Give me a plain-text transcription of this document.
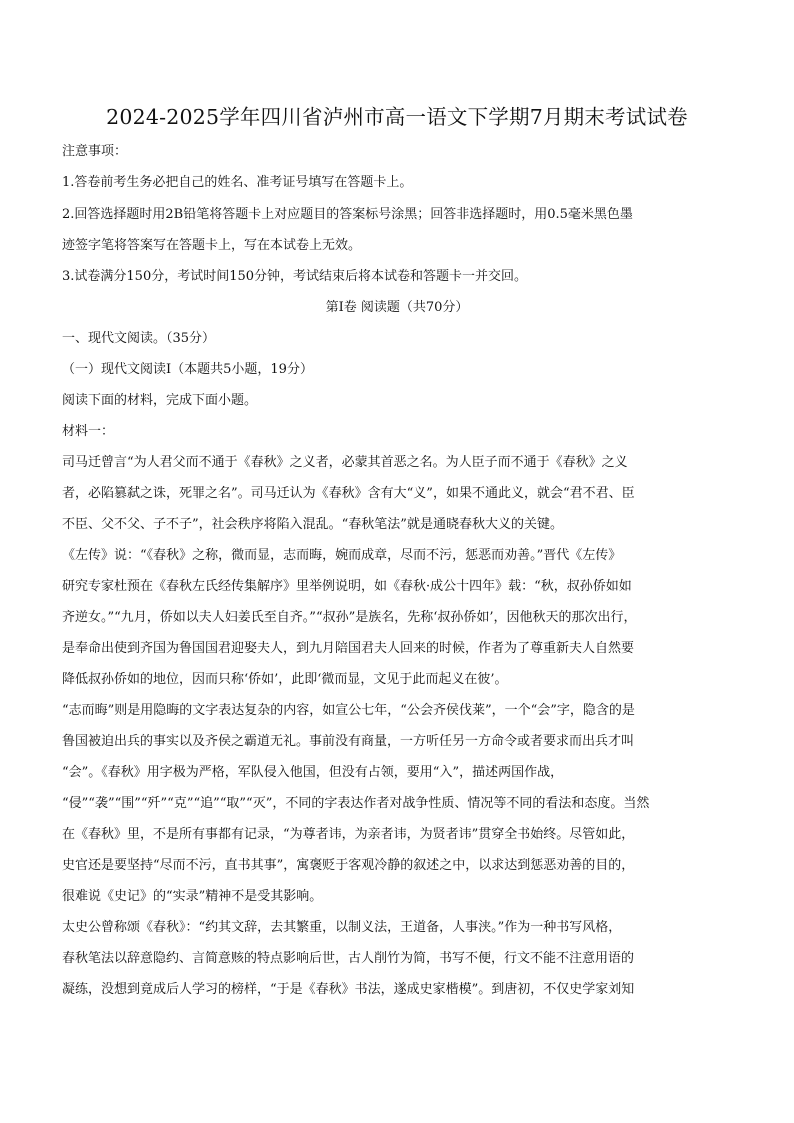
2024-2025学年四川省泸州市高一语文下学期7月期末考试试卷
注意事项：
1.答卷前考生务必把自己的姓名、准考证号填写在答题卡上。
2.回答选择题时用2B铅笔将答题卡上对应题目的答案标号涂黑；回答非选择题时，用0.5毫米黑色墨
迹签字笔将答案写在答题卡上，写在本试卷上无效。
3.试卷满分150分，考试时间150分钟，考试结束后将本试卷和答题卡一并交回。
第Ⅰ卷 阅读题（共70分）
一、现代文阅读。（35分）
（一）现代文阅读Ⅰ（本题共5小题，19分）
阅读下面的材料，完成下面小题。
材料一：
司马迁曾言“为人君父而不通于《春秋》之义者，必蒙其首恶之名。为人臣子而不通于《春秋》之义
者，必陷篡弑之诛，死罪之名”。司马迁认为《春秋》含有大“义”，如果不通此义，就会“君不君、臣
不臣、父不父、子不子”，社会秩序将陷入混乱。“春秋笔法”就是通晓春秋大义的关键。
《左传》说：“《春秋》之称，微而显，志而晦，婉而成章，尽而不污，惩恶而劝善。”晋代《左传》
研究专家杜预在《春秋左氏经传集解序》里举例说明，如《春秋·成公十四年》载：“秋，叔孙侨如如
齐逆女。”“九月，侨如以夫人妇姜氏至自齐。”“叔孙”是族名，先称‘叔孙侨如’，因他秋天的那次出行，
是奉命出使到齐国为鲁国国君迎娶夫人，到九月陪国君夫人回来的时候，作者为了尊重新夫人自然要
降低叔孙侨如的地位，因而只称‘侨如’，此即‘微而显，文见于此而起义在彼’。
“志而晦”则是用隐晦的文字表达复杂的内容，如宣公七年，“公会齐侯伐莱”，一个“会”字，隐含的是
鲁国被迫出兵的事实以及齐侯之霸道无礼。事前没有商量，一方听任另一方命令或者要求而出兵才叫
“会”。《春秋》用字极为严格，军队侵入他国，但没有占领，要用“入”，描述两国作战，
“侵”“袭”“围”“歼”“克”“追”“取”“灭”，不同的字表达作者对战争性质、情况等不同的看法和态度。当然
在《春秋》里，不是所有事都有记录，“为尊者讳，为亲者讳，为贤者讳”贯穿全书始终。尽管如此，
史官还是要坚持“尽而不污，直书其事”，寓褒贬于客观冷静的叙述之中，以求达到惩恶劝善的目的，
很难说《史记》的“实录”精神不是受其影响。
太史公曾称颂《春秋》：“约其文辞，去其繁重，以制义法，王道备，人事浃。”作为一种书写风格，
春秋笔法以辞意隐约、言简意赅的特点影响后世，古人削竹为简，书写不便，行文不能不注意用语的
凝练，没想到竟成后人学习的榜样，“于是《春秋》书法，遂成史家楷模”。到唐初，不仅史学家刘知
